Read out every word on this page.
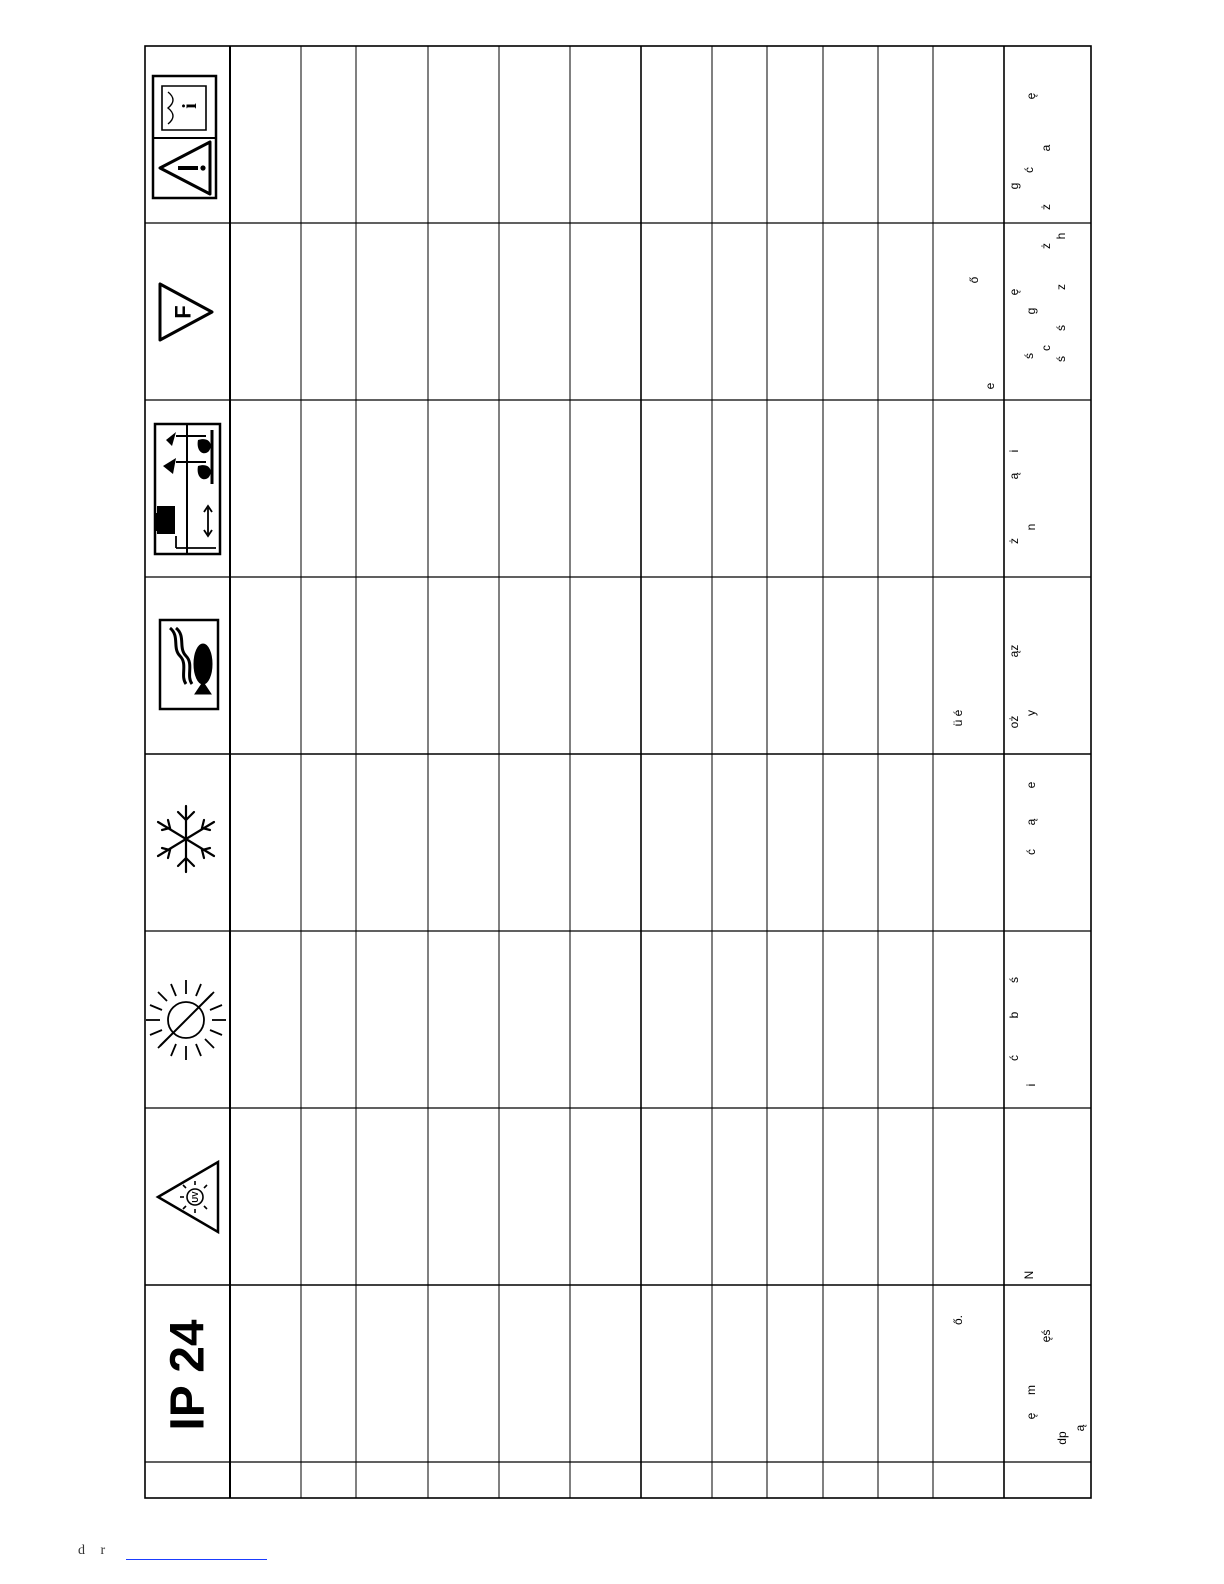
IP 24
UV
F
i
dp
ą
ę
m
ęś
ő.
N
i
ć
b
ś
ć
ą
e
ü é	oż
y
ąz
ż
n
ą
i
e
ś ś
c
ś
g
ę
z
ő
ż
h
ż
g
ć
a
ę
d r
